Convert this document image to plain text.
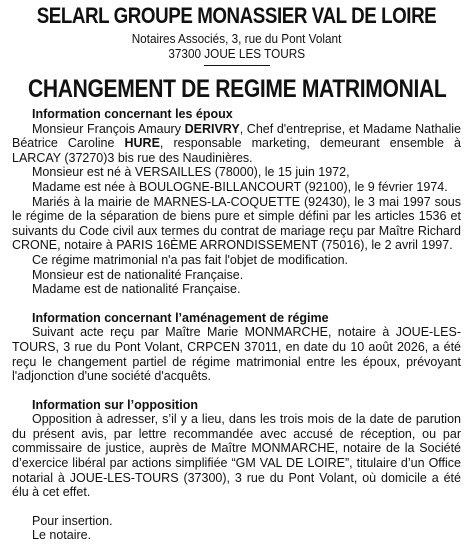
SELARL GROUPE MONASSIER VAL DE LOIRE
Notaires Associés, 3, rue du Pont Volant
37300 JOUE LES TOURS
CHANGEMENT DE REGIME MATRIMONIAL
Information concernant les époux
Monsieur François Amaury DERIVRY, Chef d'entreprise, et Madame Nathalie Béatrice Caroline HURE, responsable marketing, demeurant ensemble à LARCAY (37270)3 bis rue des Naudinières.
Monsieur est né à VERSAILLES (78000), le 15 juin 1972,
Madame est née à BOULOGNE-BILLANCOURT (92100), le 9 février 1974.
Mariés à la mairie de MARNES-LA-COQUETTE (92430), le 3 mai 1997 sous le régime de la séparation de biens pure et simple défini par les articles 1536 et suivants du Code civil aux termes du contrat de mariage reçu par Maître Richard CRONE, notaire à PARIS 16ÈME ARRONDISSEMENT (75016), le 2 avril 1997.
Ce régime matrimonial n'a pas fait l'objet de modification.
Monsieur est de nationalité Française.
Madame est de nationalité Française.
Information concernant l’aménagement de régime
Suivant acte reçu par Maître Marie MONMARCHE, notaire à JOUE-LES-TOURS, 3 rue du Pont Volant, CRPCEN 37011, en date du 10 août 2026, a été reçu le changement partiel de régime matrimonial entre les époux, prévoyant l'adjonction d'une société d'acquêts.
Information sur l’opposition
Opposition à adresser, s’il y a lieu, dans les trois mois de la date de parution du présent avis, par lettre recommandée avec accusé de réception, ou par commissaire de justice, auprès de Maître MONMARCHE, notaire de la Société d’exercice libéral par actions simplifiée “GM VAL DE LOIRE”, titulaire d’un Office notarial à JOUE-LES-TOURS (37300), 3 rue du Pont Volant, où domicile a été élu à cet effet.
Pour insertion.
Le notaire.
